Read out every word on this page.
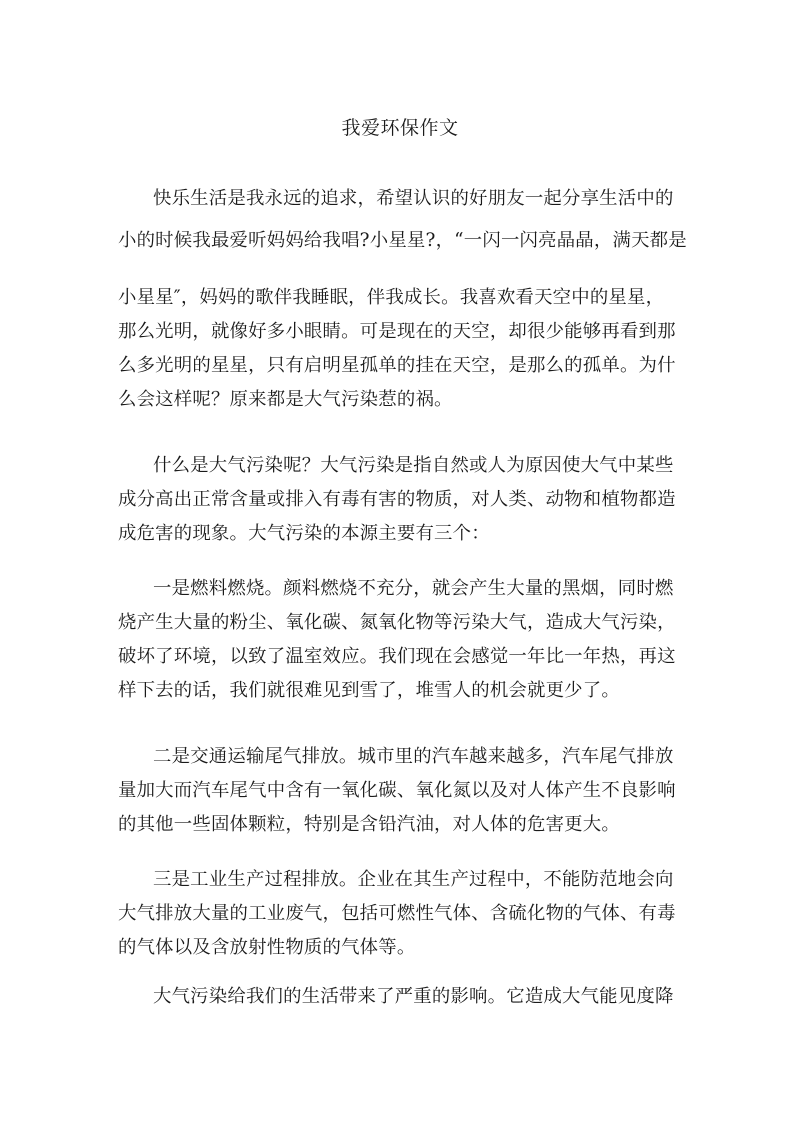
我爱环保作文
快乐生活是我永远的追求，希望认识的好朋友一起分享生活中的
小的时候我最爱听妈妈给我唱?小星星?，“一闪一闪亮晶晶，满天都是
小星星″，妈妈的歌伴我睡眠，伴我成长。我喜欢看天空中的星星，
那么光明，就像好多小眼睛。可是现在的天空，却很少能够再看到那
么多光明的星星，只有启明星孤单的挂在天空，是那么的孤单。为什
么会这样呢？原来都是大气污染惹的祸。
什么是大气污染呢？大气污染是指自然或人为原因使大气中某些
成分高出正常含量或排入有毒有害的物质，对人类、动物和植物都造
成危害的现象。大气污染的本源主要有三个：
一是燃料燃烧。颜料燃烧不充分，就会产生大量的黑烟，同时燃
烧产生大量的粉尘、氧化碳、氮氧化物等污染大气，造成大气污染，
破坏了环境，以致了温室效应。我们现在会感觉一年比一年热，再这
样下去的话，我们就很难见到雪了，堆雪人的机会就更少了。
二是交通运输尾气排放。城市里的汽车越来越多，汽车尾气排放
量加大而汽车尾气中含有一氧化碳、氧化氮以及对人体产生不良影响
的其他一些固体颗粒，特别是含铅汽油，对人体的危害更大。
三是工业生产过程排放。企业在其生产过程中，不能防范地会向
大气排放大量的工业废气，包括可燃性气体、含硫化物的气体、有毒
的气体以及含放射性物质的气体等。
大气污染给我们的生活带来了严重的影响。它造成大气能见度降
